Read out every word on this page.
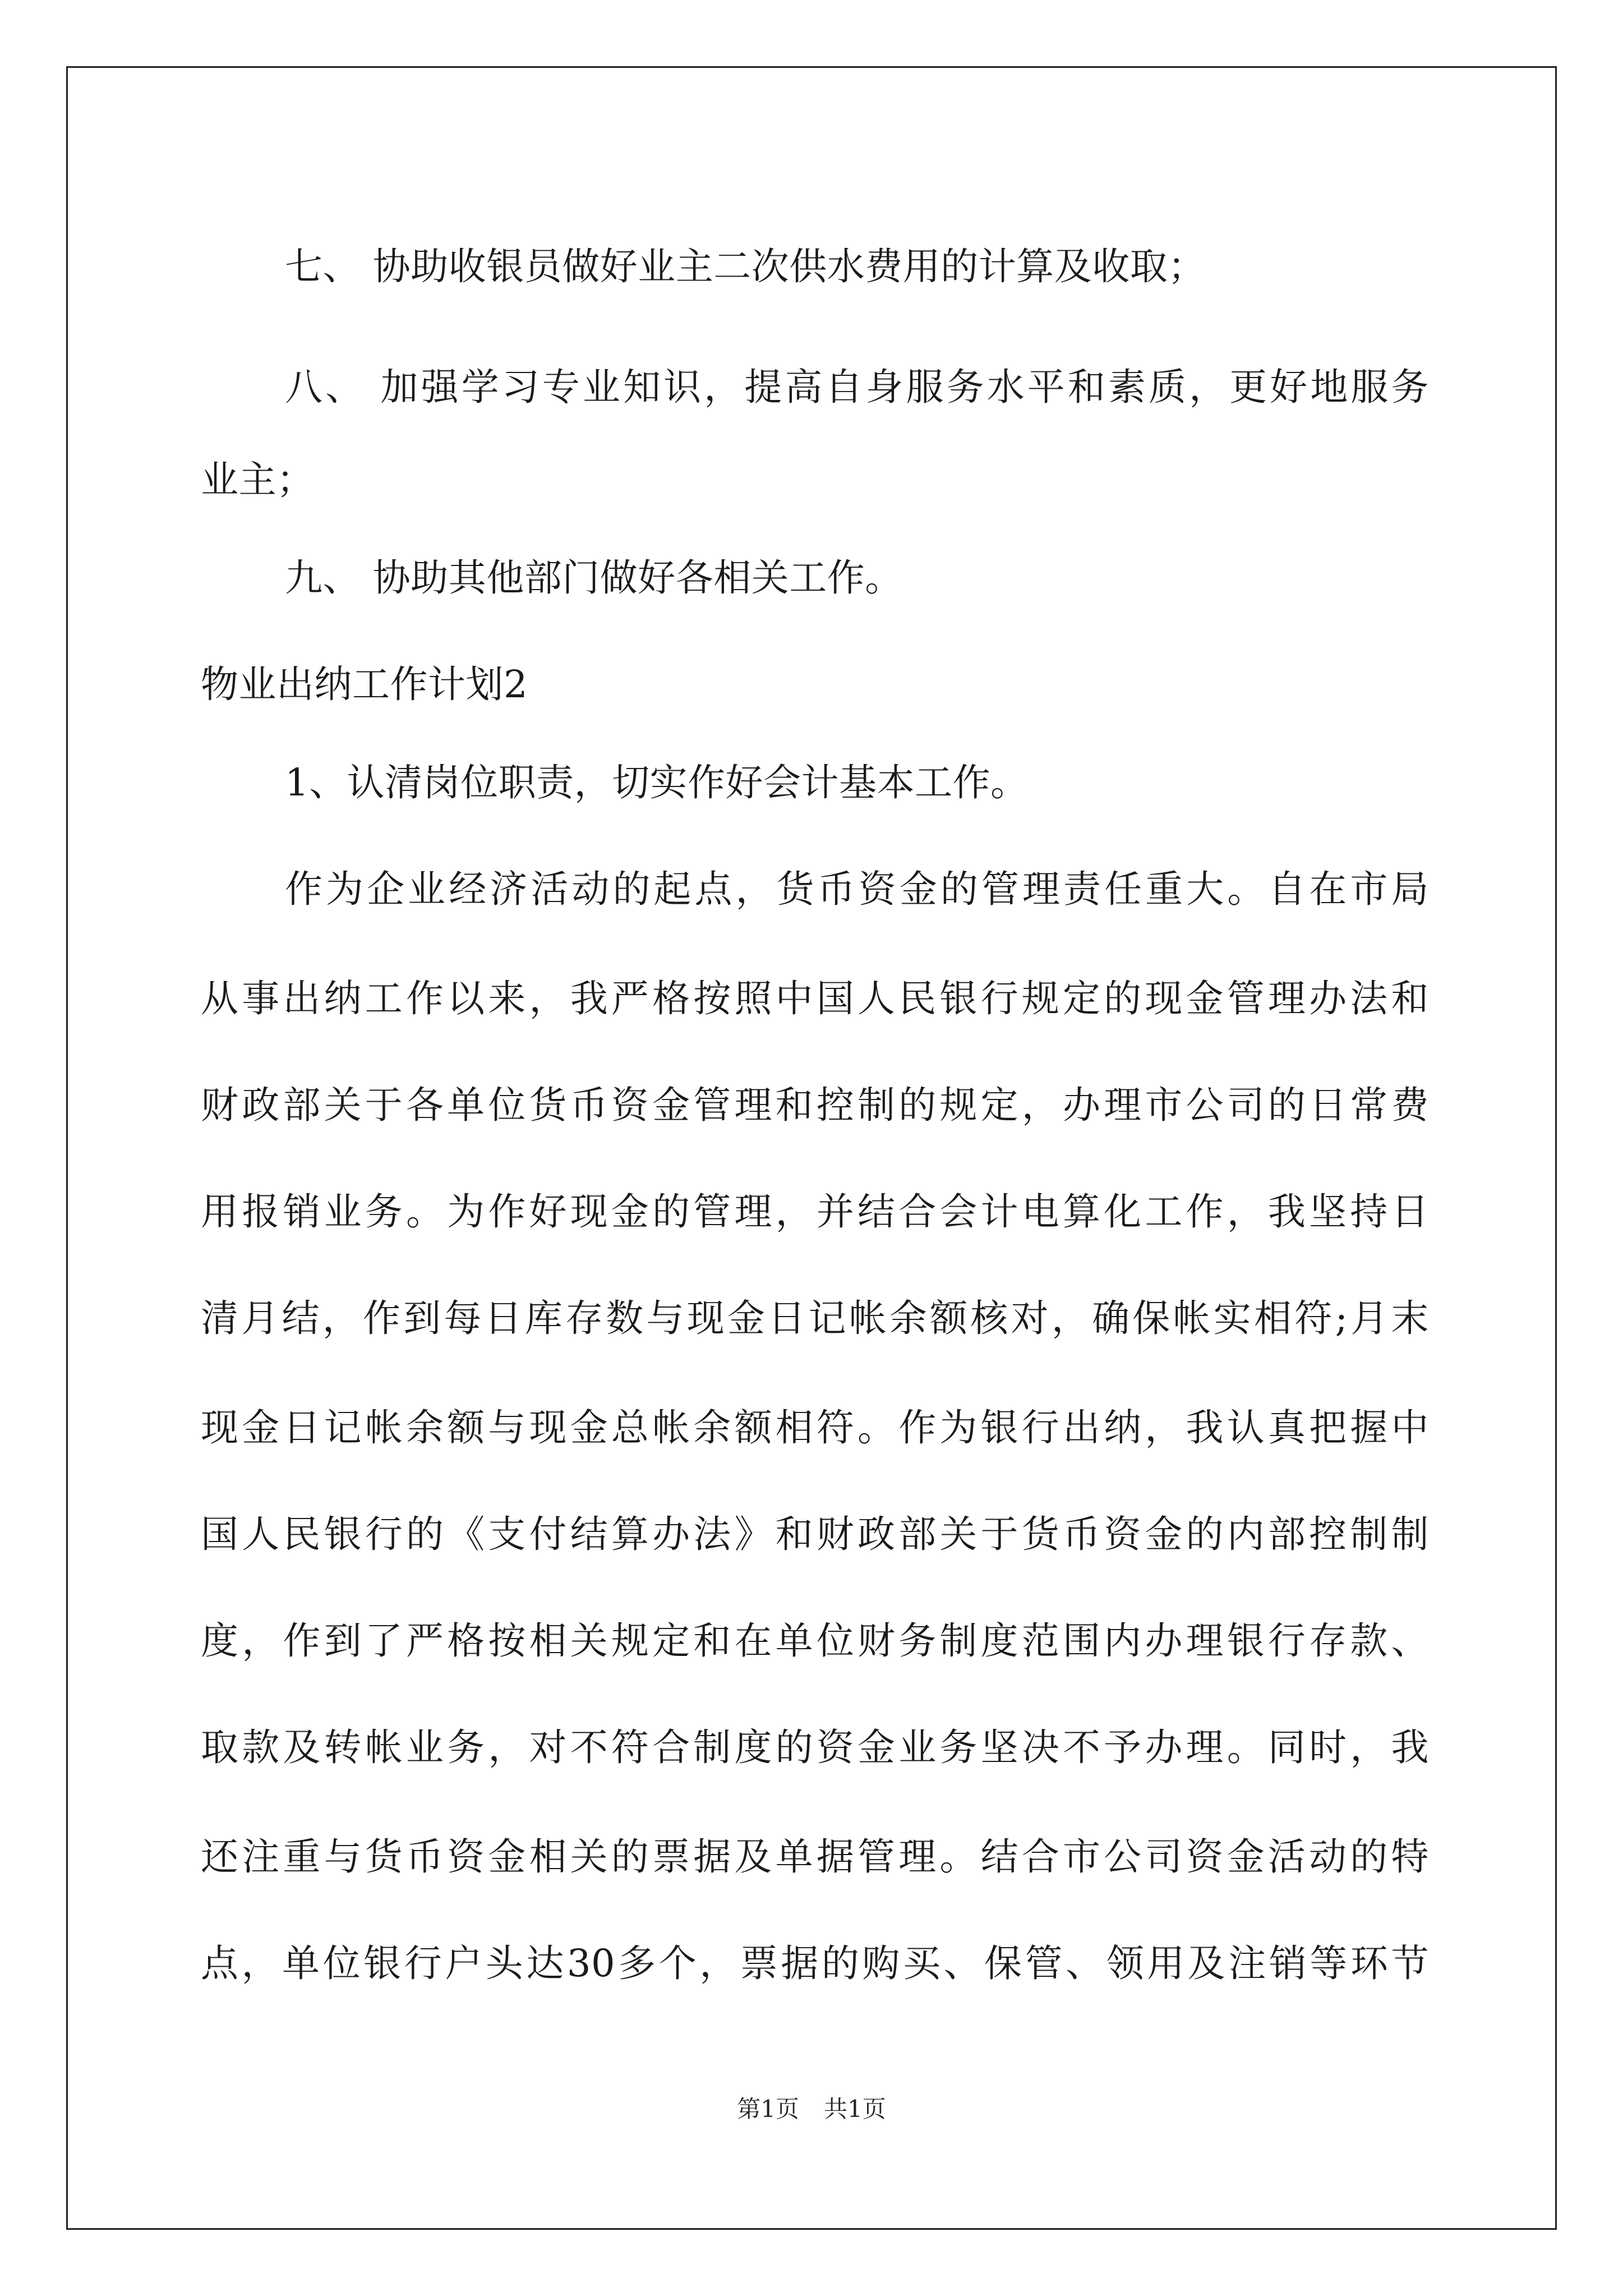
七、 协助收银员做好业主二次供水费用的计算及收取；
八、 加强学习专业知识，提高自身服务水平和素质，更好地服务
业主；
九、 协助其他部门做好各相关工作。
物业出纳工作计划2
1、认清岗位职责，切实作好会计基本工作。
作为企业经济活动的起点，货币资金的管理责任重大。自在市局
从事出纳工作以来，我严格按照中国人民银行规定的现金管理办法和
财政部关于各单位货币资金管理和控制的规定，办理市公司的日常费
用报销业务。为作好现金的管理，并结合会计电算化工作，我坚持日
清月结，作到每日库存数与现金日记帐余额核对，确保帐实相符;月末
现金日记帐余额与现金总帐余额相符。作为银行出纳，我认真把握中
国人民银行的《支付结算办法》和财政部关于货币资金的内部控制制
度，作到了严格按相关规定和在单位财务制度范围内办理银行存款、
取款及转帐业务，对不符合制度的资金业务坚决不予办理。同时，我
还注重与货币资金相关的票据及单据管理。结合市公司资金活动的特
点，单位银行户头达30多个，票据的购买、保管、领用及注销等环节
第1页 共1页
